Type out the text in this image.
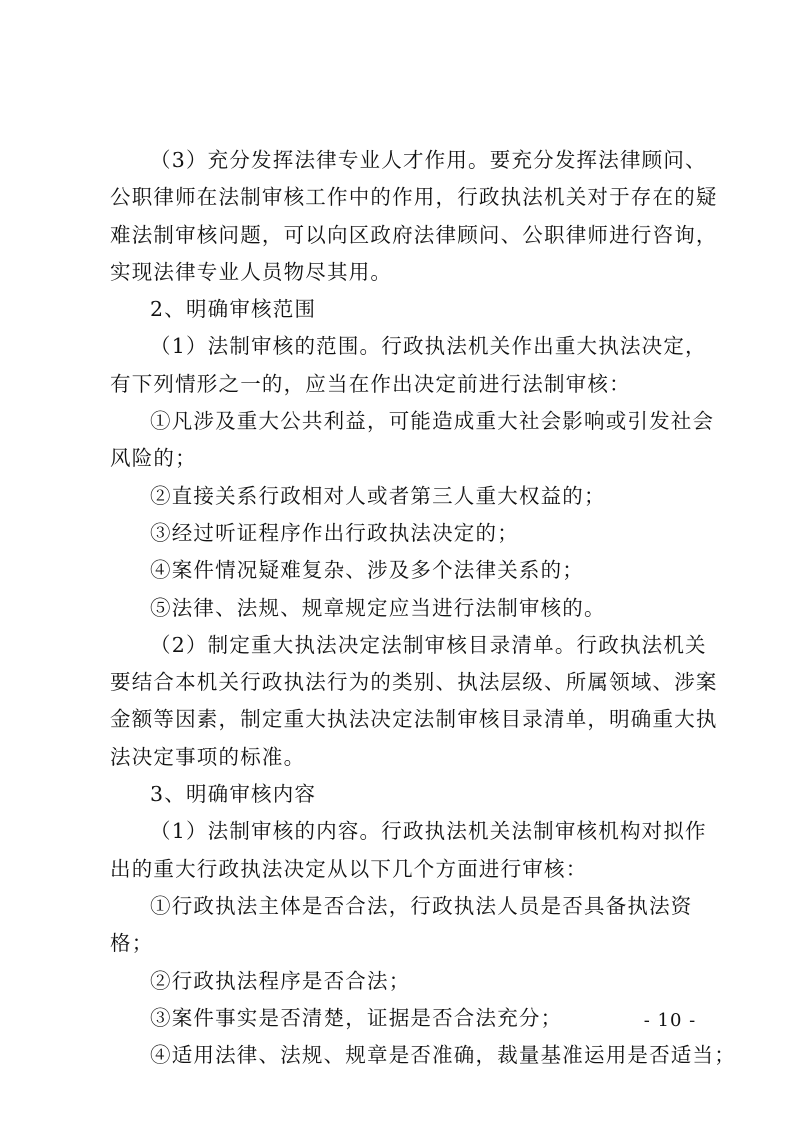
（3）充分发挥法律专业人才作用。要充分发挥法律顾问、
公职律师在法制审核工作中的作用，行政执法机关对于存在的疑
难法制审核问题，可以向区政府法律顾问、公职律师进行咨询，
实现法律专业人员物尽其用。
2、明确审核范围
（1）法制审核的范围。行政执法机关作出重大执法决定，
有下列情形之一的，应当在作出决定前进行法制审核：
①凡涉及重大公共利益，可能造成重大社会影响或引发社会
风险的；
②直接关系行政相对人或者第三人重大权益的；
③经过听证程序作出行政执法决定的；
④案件情况疑难复杂、涉及多个法律关系的；
⑤法律、法规、规章规定应当进行法制审核的。
（2）制定重大执法决定法制审核目录清单。行政执法机关
要结合本机关行政执法行为的类别、执法层级、所属领域、涉案
金额等因素，制定重大执法决定法制审核目录清单，明确重大执
法决定事项的标准。
3、明确审核内容
（1）法制审核的内容。行政执法机关法制审核机构对拟作
出的重大行政执法决定从以下几个方面进行审核：
①行政执法主体是否合法，行政执法人员是否具备执法资
格；
②行政执法程序是否合法；
③案件事实是否清楚，证据是否合法充分；
④适用法律、法规、规章是否准确，裁量基准运用是否适当；
- 10 -
